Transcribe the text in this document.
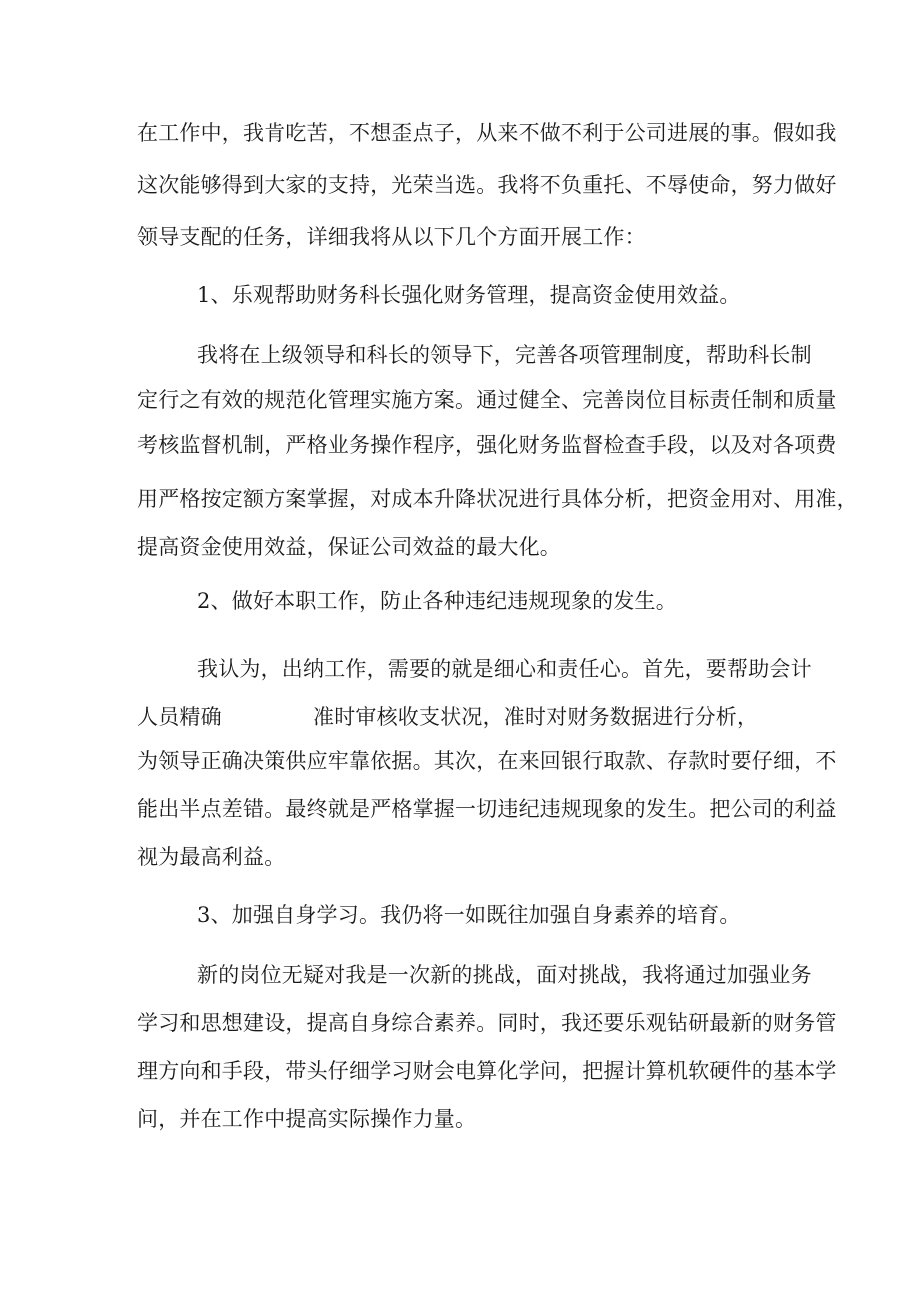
在工作中，我肯吃苦，不想歪点子，从来不做不利于公司进展的事。假如我
这次能够得到大家的支持，光荣当选。我将不负重托、不辱使命，努力做好
领导支配的任务，详细我将从以下几个方面开展工作：
1、乐观帮助财务科长强化财务管理，提高资金使用效益。
我将在上级领导和科长的领导下，完善各项管理制度，帮助科长制
定行之有效的规范化管理实施方案。通过健全、完善岗位目标责任制和质量
考核监督机制，严格业务操作程序，强化财务监督检查手段，以及对各项费
用严格按定额方案掌握，对成本升降状况进行具体分析，把资金用对、用准，
提高资金使用效益，保证公司效益的最大化。
2、做好本职工作，防止各种违纪违规现象的发生。
我认为，出纳工作，需要的就是细心和责任心。首先，要帮助会计
人员精确	准时审核收支状况，准时对财务数据进行分析，
为领导正确决策供应牢靠依据。其次，在来回银行取款、存款时要仔细，不
能出半点差错。最终就是严格掌握一切违纪违规现象的发生。把公司的利益
视为最高利益。
3、加强自身学习。我仍将一如既往加强自身素养的培育。
新的岗位无疑对我是一次新的挑战，面对挑战，我将通过加强业务
学习和思想建设，提高自身综合素养。同时，我还要乐观钻研最新的财务管
理方向和手段，带头仔细学习财会电算化学问，把握计算机软硬件的基本学
问，并在工作中提高实际操作力量。
